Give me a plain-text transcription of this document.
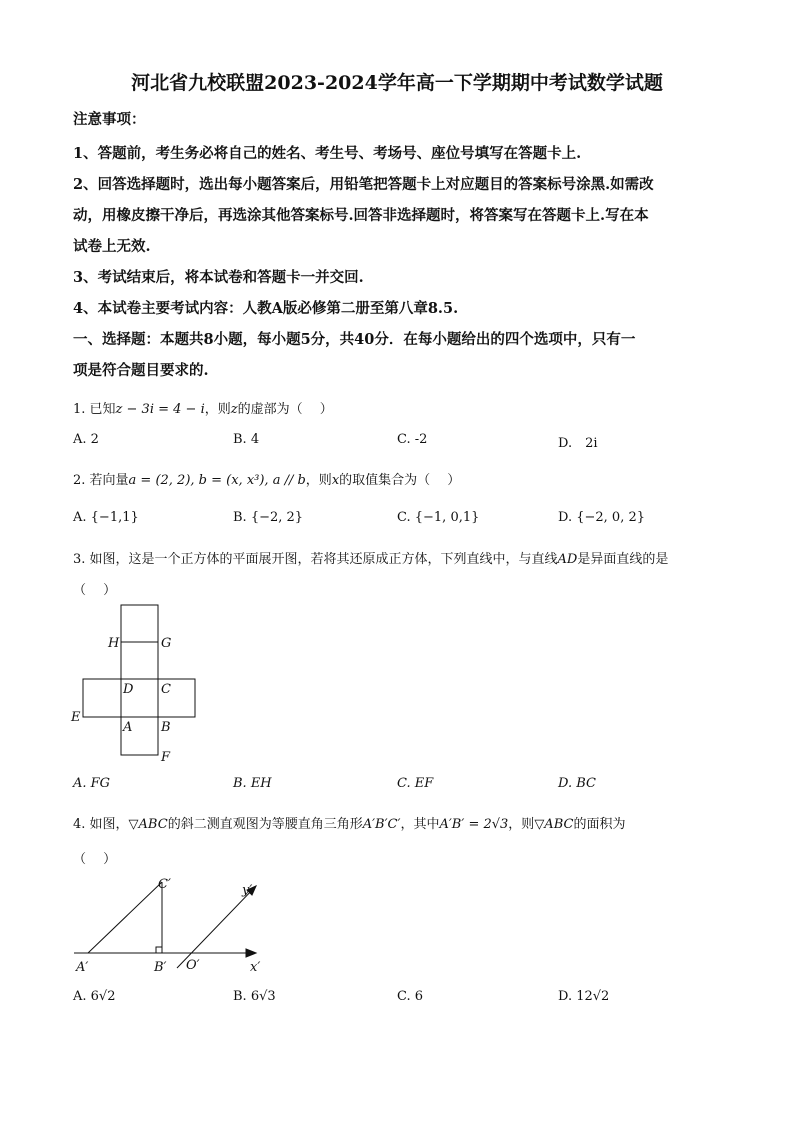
河北省九校联盟2023-2024学年高一下学期期中考试数学试题
注意事项：
1、答题前，考生务必将自己的姓名、考生号、考场号、座位号填写在答题卡上.
2、回答选择题时，选出每小题答案后，用铅笔把答题卡上对应题目的答案标号涂黑.如需改
动，用橡皮擦干净后，再选涂其他答案标号.回答非选择题时，将答案写在答题卡上.写在本
试卷上无效.
3、考试结束后，将本试卷和答题卡一并交回.
4、本试卷主要考试内容：人教A版必修第二册至第八章8.5.
一、选择题：本题共8小题，每小题5分，共40分．在每小题给出的四个选项中，只有一
项是符合题目要求的.
1. 已知z − 3i = 4 − i，则z的虚部为（　 ）
A. 2	B. 4	C. -2	D.　2i
2. 若向量a = (2, 2), b = (x, x³), a // b，则x的取值集合为（　 ）
A. {−1,1}	B. {−2, 2}	C. {−1, 0,1}	D. {−2, 0, 2}
3. 如图，这是一个正方体的平面展开图，若将其还原成正方体，下列直线中，与直线AD是异面直线的是
（　 ）
H	G
D C
E
A B
F
A. FG	B. EH	C. EF	D. BC
4. 如图，▽ABC的斜二测直观图为等腰直角三角形A′B′C′，其中A′B′ = 2√3，则▽ABC的面积为
（　 ）
C′	y′
A′	B′ O′	x′
A. 6√2	B. 6√3	C. 6	D. 12√2
